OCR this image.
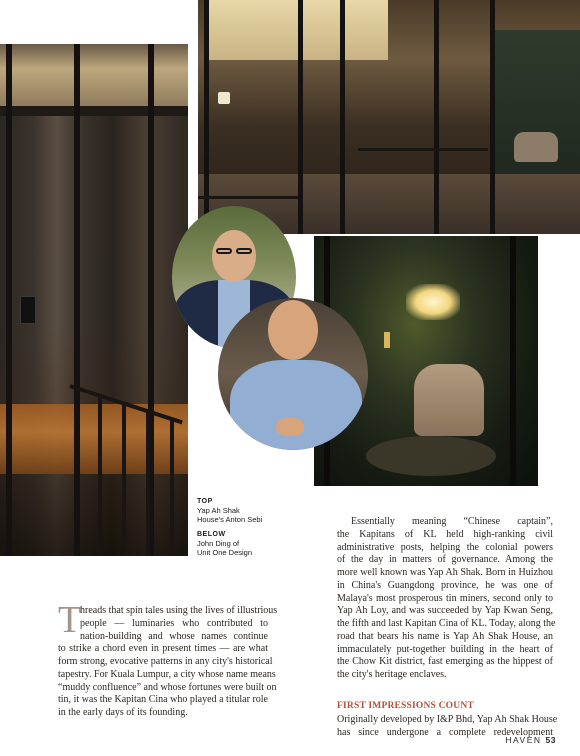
TOP
Yap Ah Shak
House's Anton Sebi
BELOW
John Ding of
Unit One Design
T
hreads that spin tales using the lives of illustrious
people — luminaries who contributed to
nation-building and whose names continue
to strike a chord even in present times — are what
form strong, evocative patterns in any city's historical
tapestry. For Kuala Lumpur, a city whose name means
“muddy confluence” and whose fortunes were built on
tin, it was the Kapitan Cina who played a titular role
in the early days of its founding.
Essentially meaning “Chinese captain”,
the Kapitans of KL held high-ranking civil
administrative posts, helping the colonial powers
of the day in matters of governance. Among the
more well known was Yap Ah Shak. Born in Huizhou
in China's Guangdong province, he was one of
Malaya's most prosperous tin miners, second only to
Yap Ah Loy, and was succeeded by Yap Kwan Seng,
the fifth and last Kapitan Cina of KL. Today, along the
road that bears his name is Yap Ah Shak House, an
immaculately put-together building in the heart of
the Chow Kit district, fast emerging as the hippest of
the city's heritage enclaves.
FIRST IMPRESSIONS COUNT
Originally developed by I&P Bhd, Yap Ah Shak House
has since undergone a complete redevelopment
HAVEN 53
